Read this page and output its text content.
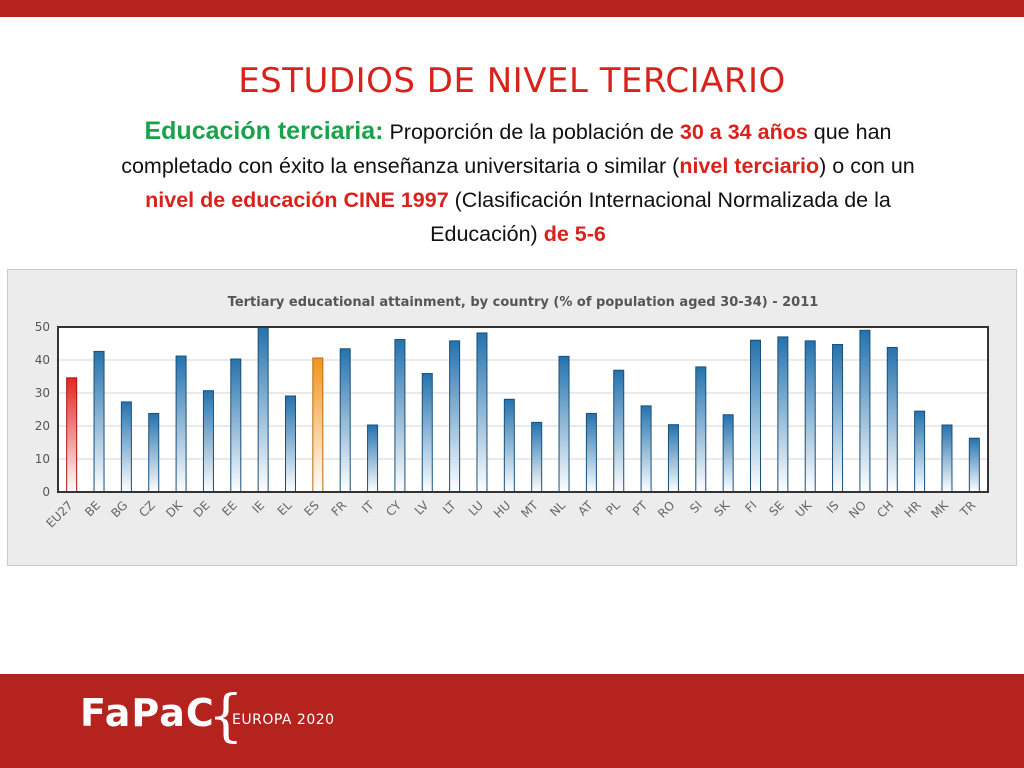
ESTUDIOS DE NIVEL TERCIARIO
Educación terciaria: Proporción de la población de 30 a 34 años que han completado con éxito la enseñanza universitaria o similar (nivel terciario) o con un nivel de educación CINE 1997 (Clasificación Internacional Normalizada de la Educación) de 5-6
Tertiary educational attainment, by country (% of population aged 30-34) - 2011
0
10
20
30
40
50
EU27 BE BG CZ DK DE EE IE EL ES FR IT CY LV LT LU HU MT NL AT PL PT RO SI SK FI SE UK IS NO CH HR MK TR
FaPaC
{
EUROPA 2020
